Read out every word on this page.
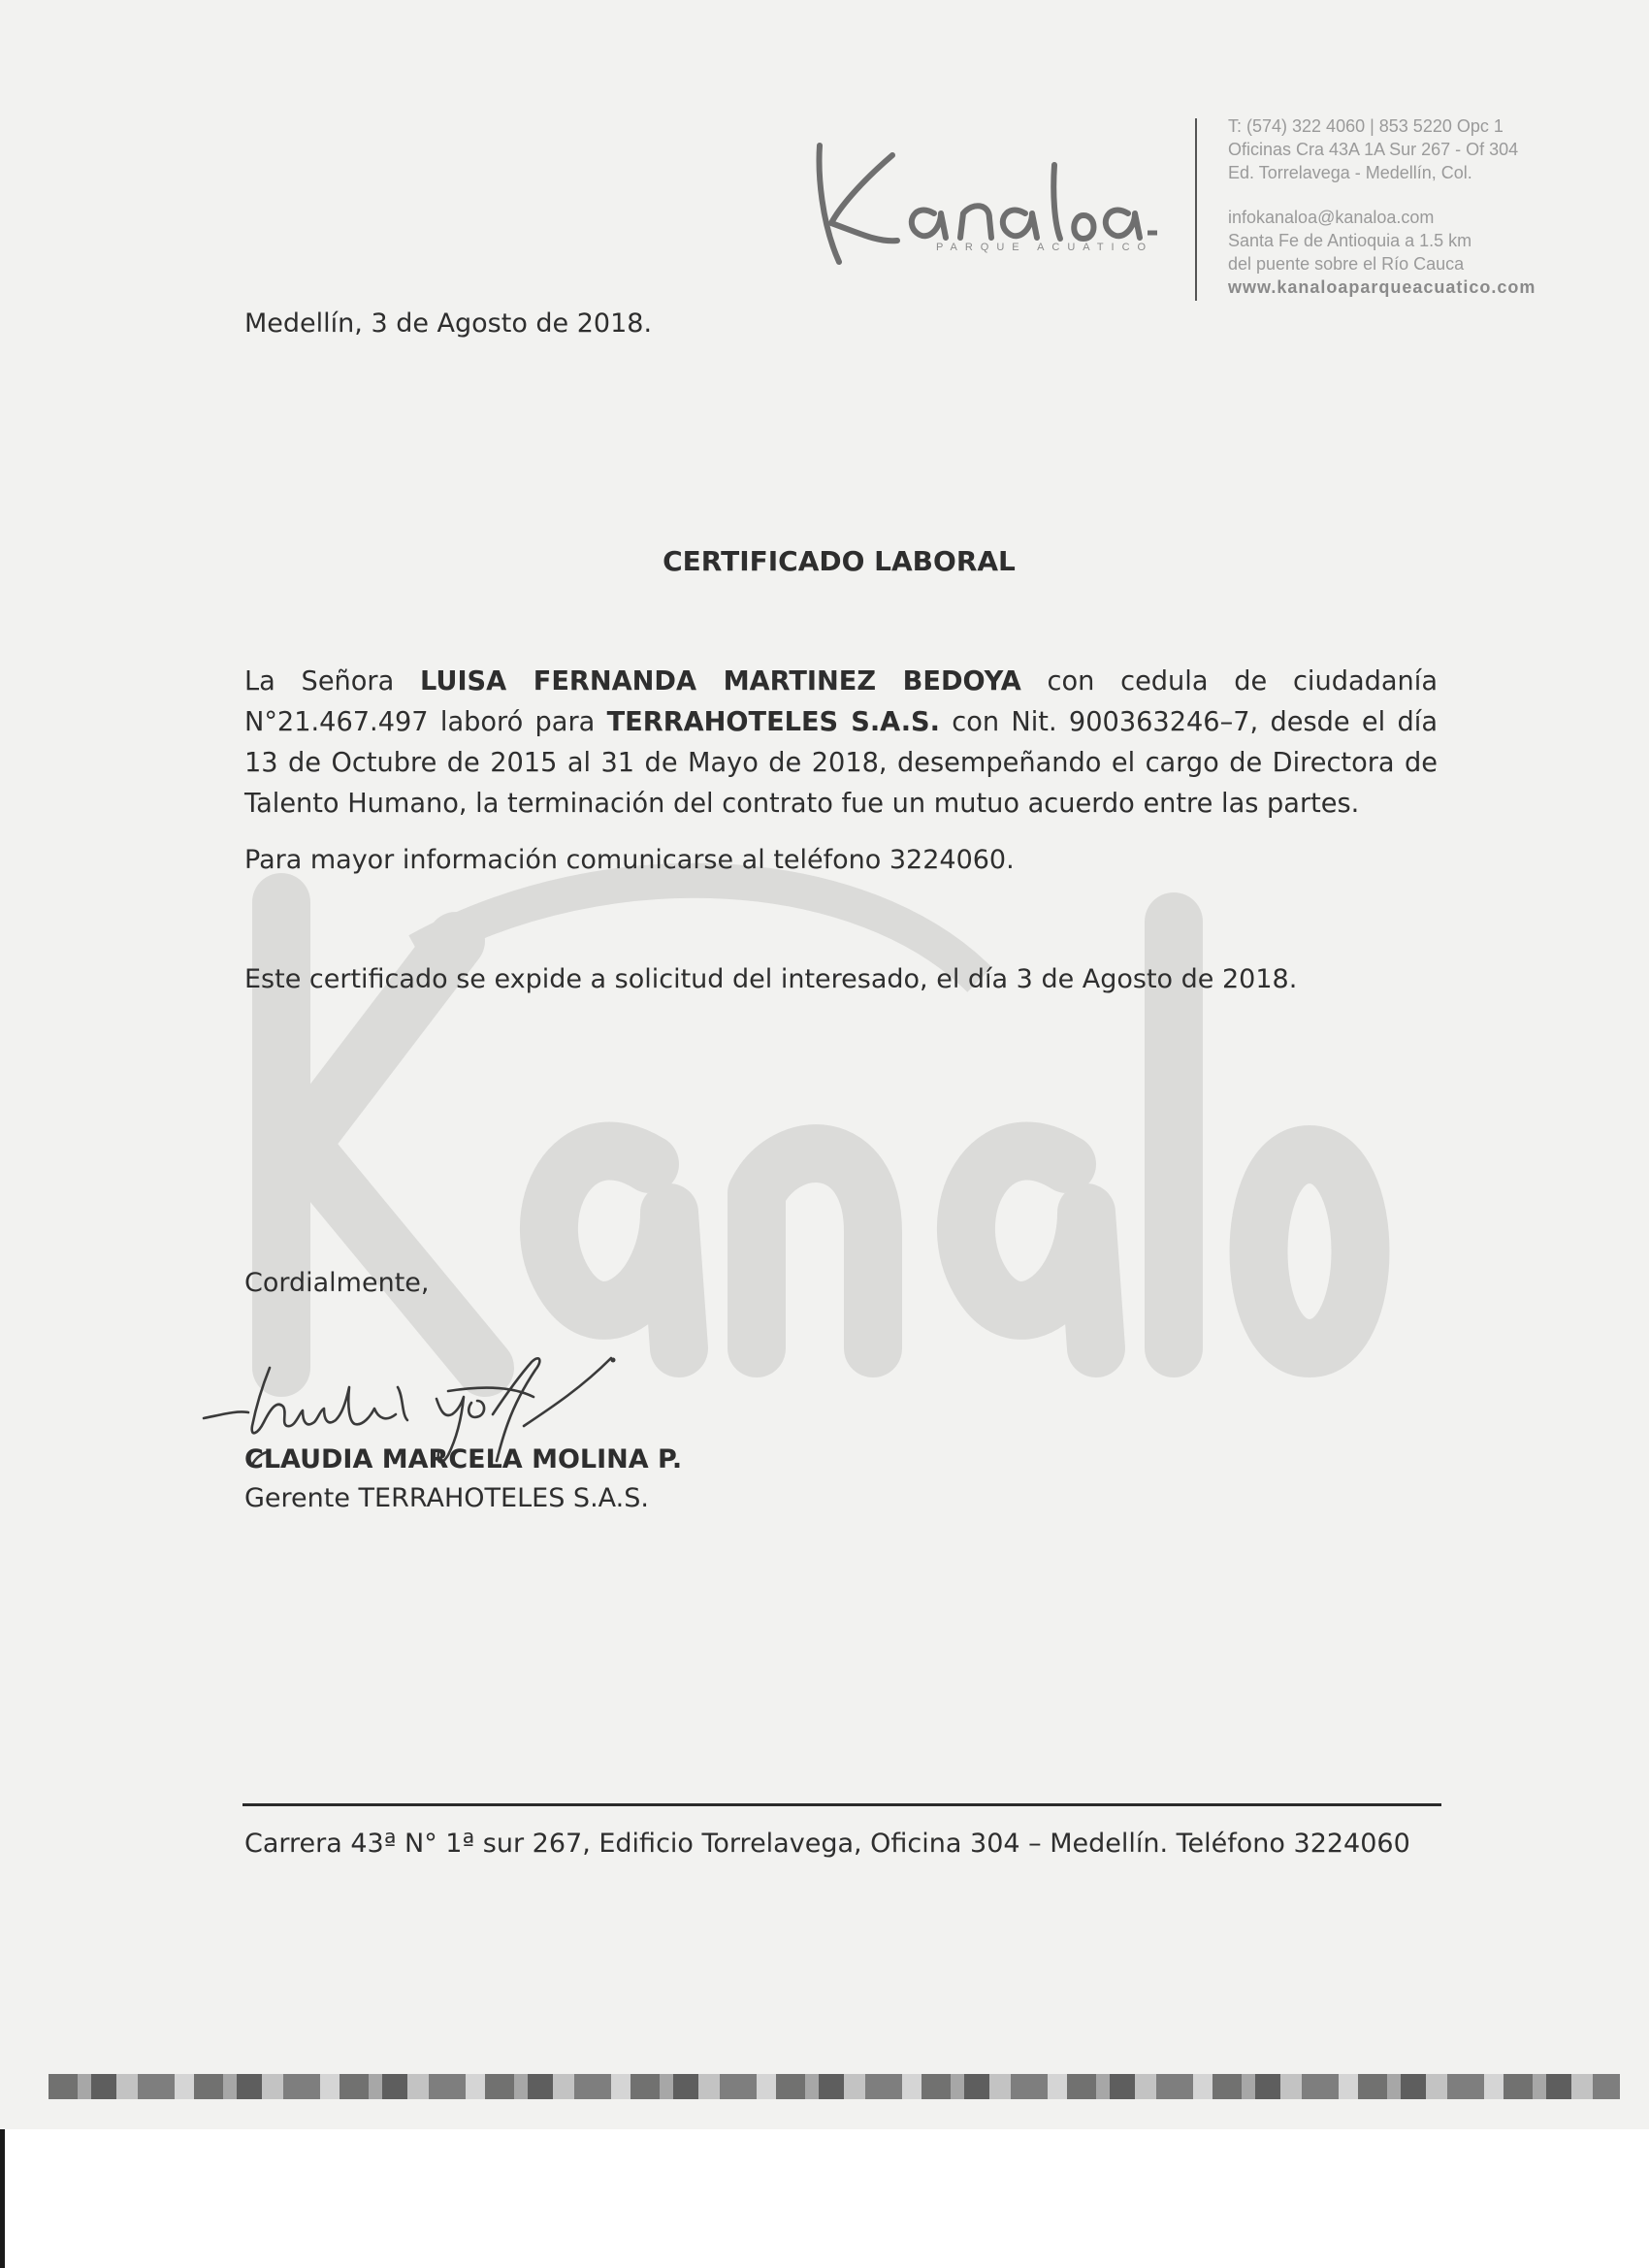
PARQUE ACUATICO
T: (574) 322 4060 | 853 5220 Opc 1
Oficinas Cra 43A 1A Sur 267 - Of 304
Ed. Torrelavega - Medellín, Col.
infokanaloa@kanaloa.com
Santa Fe de Antioquia a 1.5 km
del puente sobre el Río Cauca
www.kanaloaparqueacuatico.com
Medellín, 3 de Agosto de 2018.
CERTIFICADO LABORAL
La Señora LUISA FERNANDA MARTINEZ BEDOYA con cedula de ciudadanía N°21.467.497 laboró para TERRAHOTELES S.A.S. con Nit. 900363246–7, desde el día 13 de Octubre de 2015 al 31 de Mayo de 2018, desempeñando el cargo de Directora de Talento Humano, la terminación del contrato fue un mutuo acuerdo entre las partes.
Para mayor información comunicarse al teléfono 3224060.
Este certificado se expide a solicitud del interesado, el día 3 de Agosto de 2018.
Cordialmente,
CLAUDIA MARCELA MOLINA P.
Gerente TERRAHOTELES S.A.S.
Carrera 43ª N° 1ª sur 267, Edificio Torrelavega, Oficina 304 – Medellín. Teléfono 3224060
